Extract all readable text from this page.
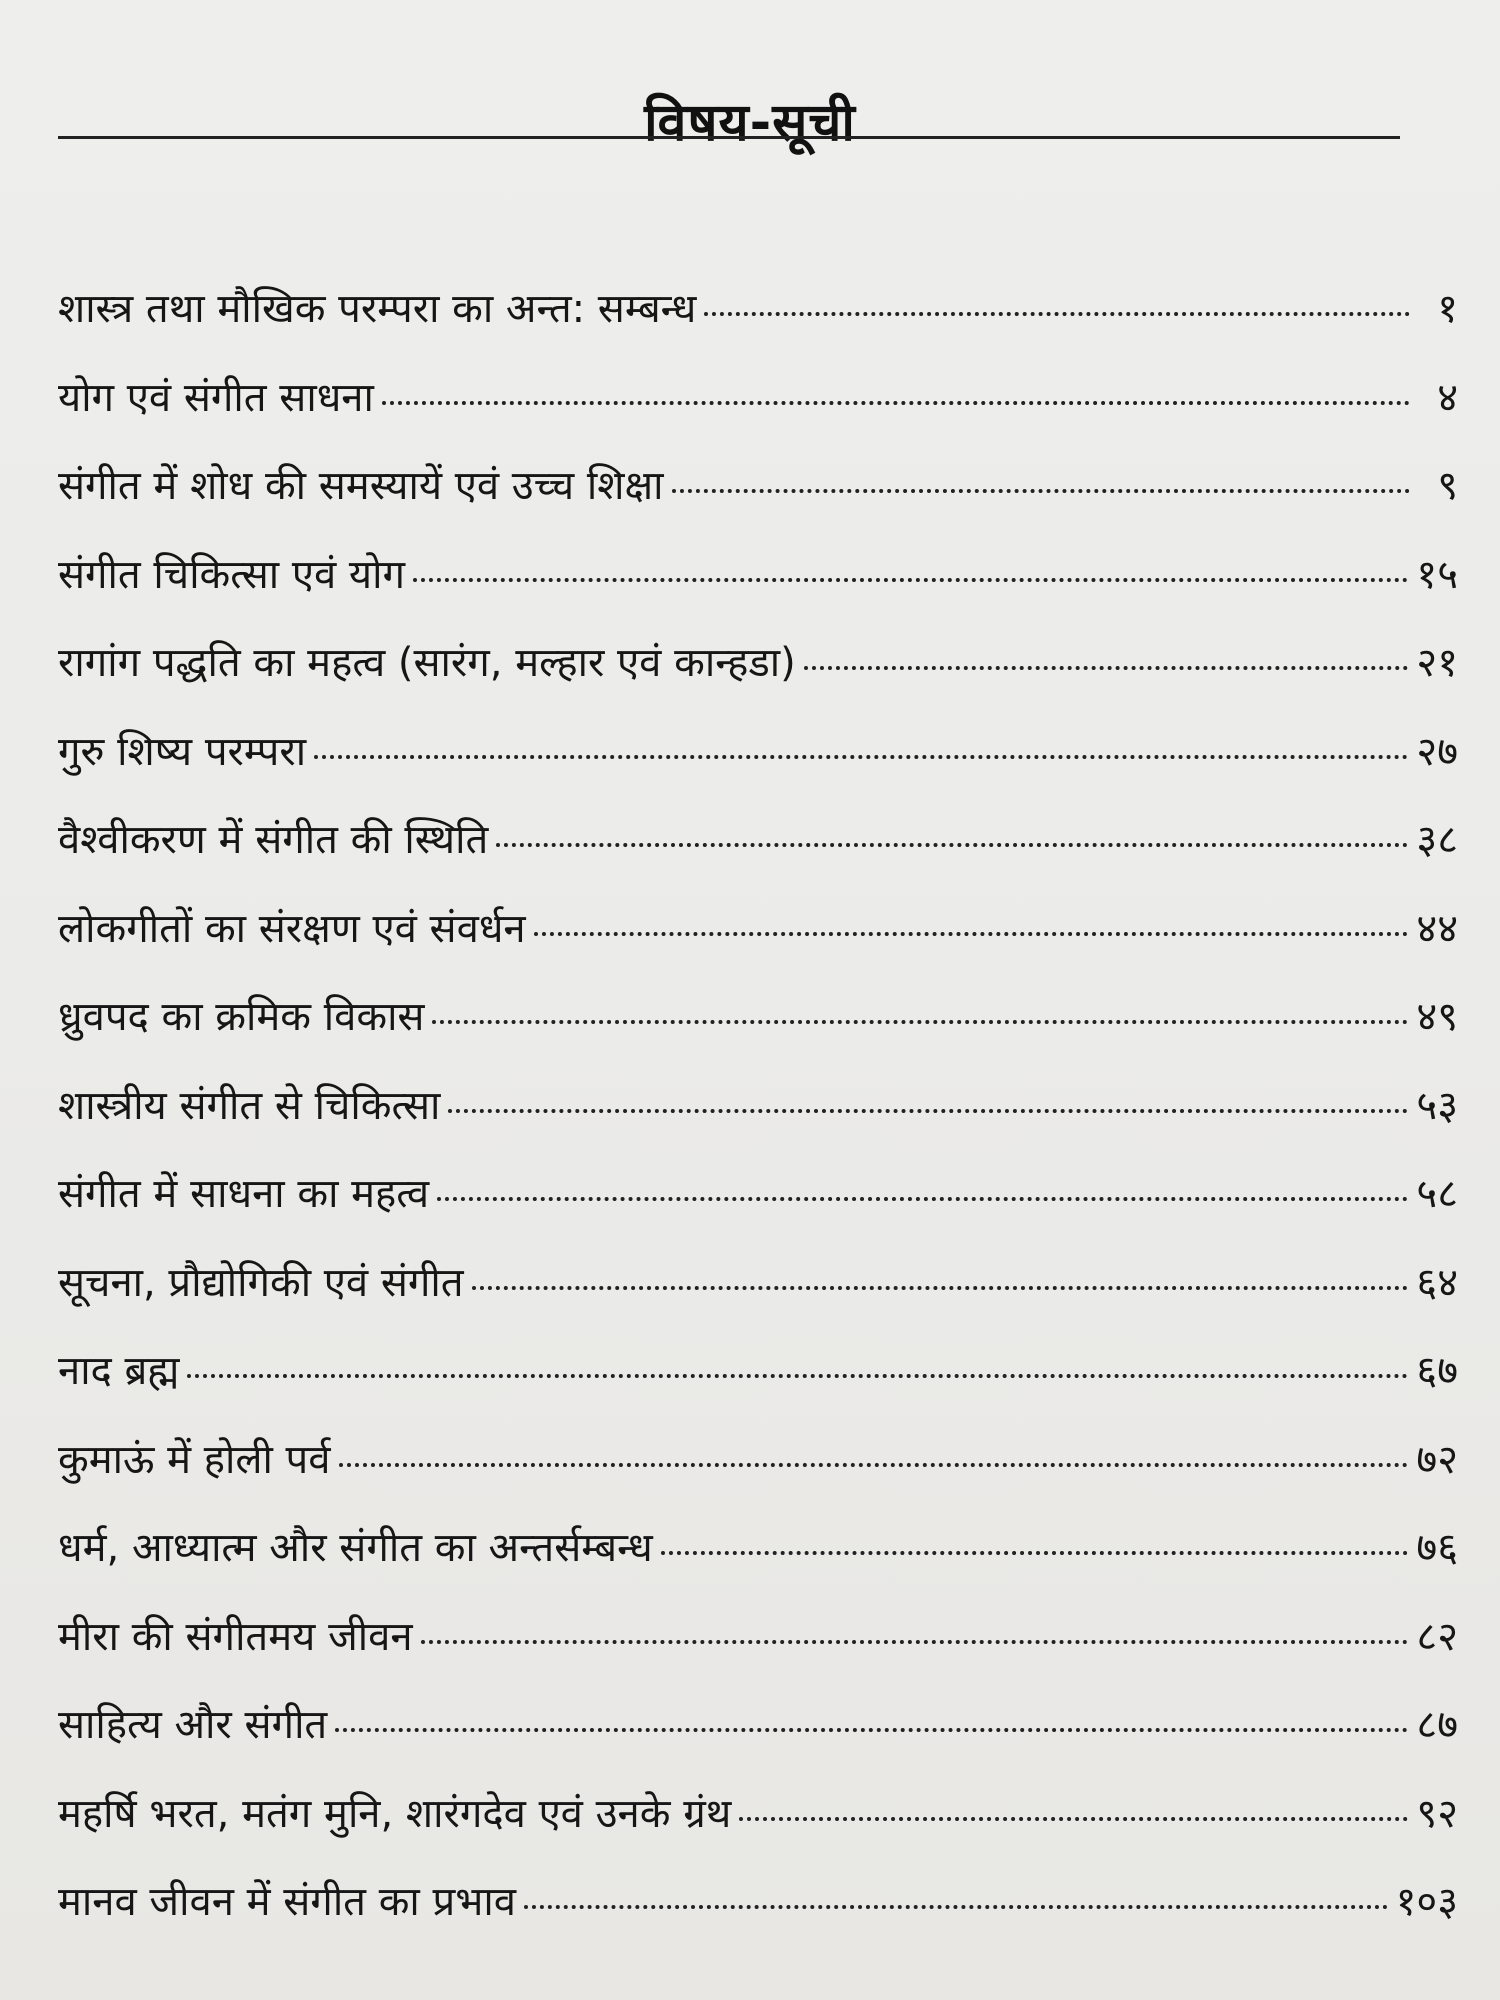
विषय-सूची
शास्त्र तथा मौखिक परम्परा का अन्त: सम्बन्ध	१
योग एवं संगीत साधना	४
संगीत में शोध की समस्यायें एवं उच्च शिक्षा	९
संगीत चिकित्सा एवं योग	१५
रागांग पद्धति का महत्व (सारंग, मल्हार एवं कान्हडा)	२१
गुरु शिष्य परम्परा	२७
वैश्वीकरण में संगीत की स्थिति	३८
लोकगीतों का संरक्षण एवं संवर्धन	४४
ध्रुवपद का क्रमिक विकास	४९
शास्त्रीय संगीत से चिकित्सा	५३
संगीत में साधना का महत्व	५८
सूचना, प्रौद्योगिकी एवं संगीत	६४
नाद ब्रह्म	६७
कुमाऊं में होली पर्व	७२
धर्म, आध्यात्म और संगीत का अन्तर्सम्बन्ध	७६
मीरा की संगीतमय जीवन	८२
साहित्य और संगीत	८७
महर्षि भरत, मतंग मुनि, शारंगदेव एवं उनके ग्रंथ	९२
मानव जीवन में संगीत का प्रभाव	१०३
